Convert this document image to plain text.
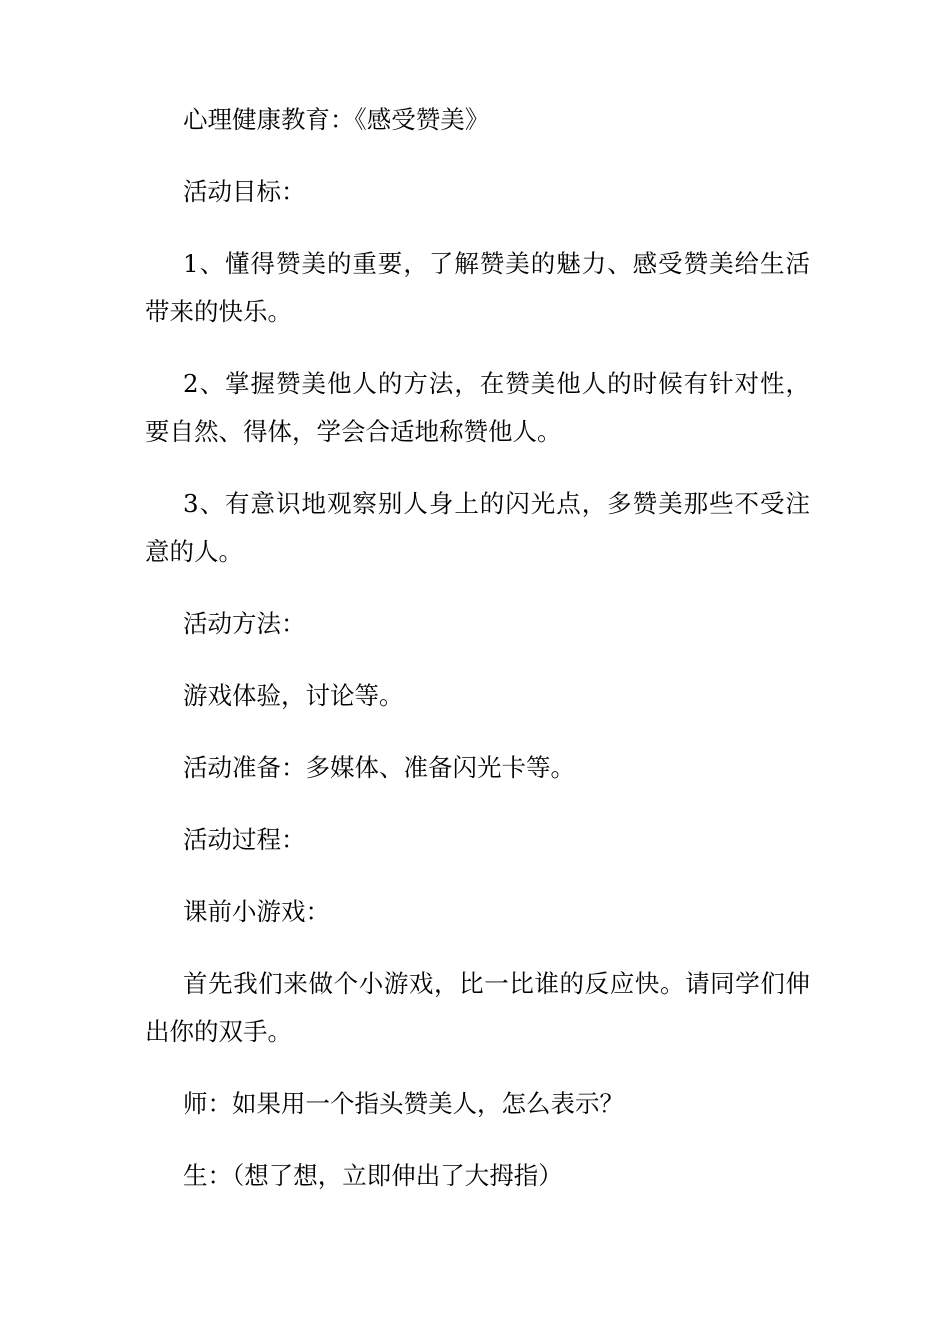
心理健康教育：《感受赞美》

活动目标：

1、懂得赞美的重要，了解赞美的魅力、感受赞美给生活带来的快乐。

2、掌握赞美他人的方法，在赞美他人的时候有针对性，要自然、得体，学会合适地称赞他人。

3、有意识地观察别人身上的闪光点，多赞美那些不受注意的人。

活动方法：

游戏体验，讨论等。

活动准备：多媒体、准备闪光卡等。

活动过程：

课前小游戏：

首先我们来做个小游戏，比一比谁的反应快。请同学们伸出你的双手。

师：如果用一个指头赞美人，怎么表示？

生：（想了想，立即伸出了大拇指）
